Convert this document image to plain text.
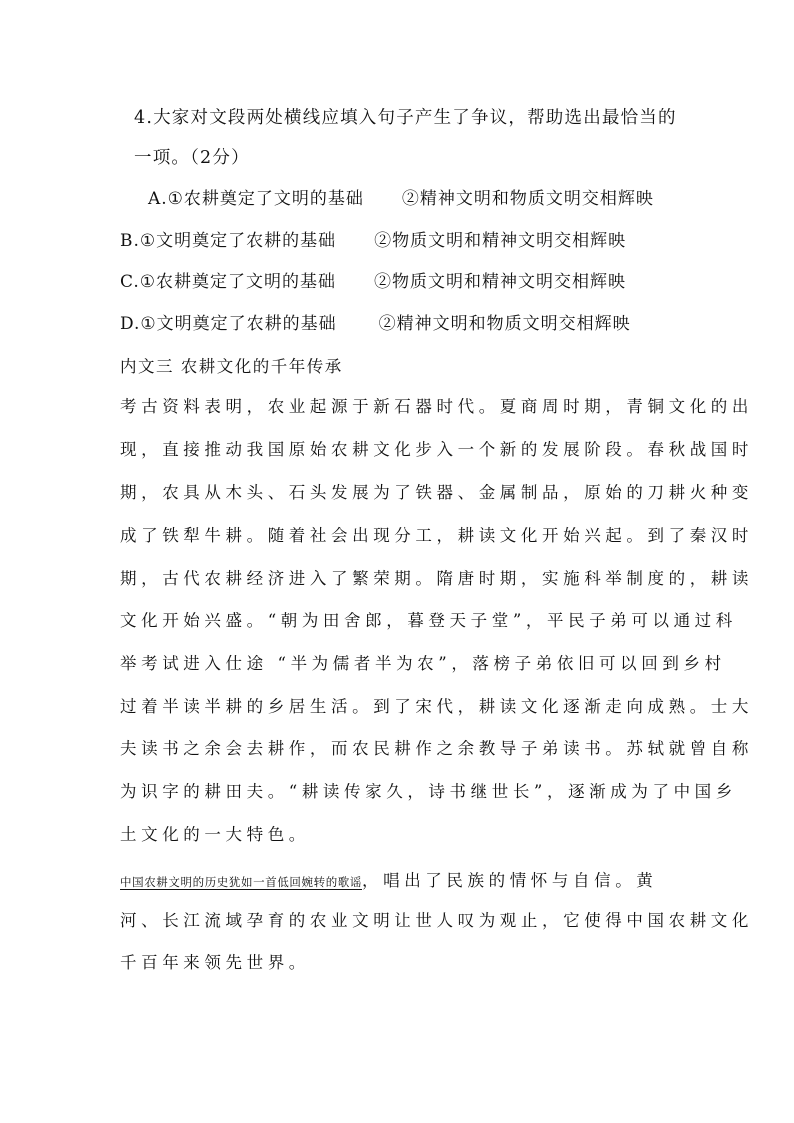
4.大家对文段两处横线应填入句子产生了争议，帮助选出最恰当的
一项。（2分）
A.①农耕奠定了文明的基础 ②精神文明和物质文明交相辉映
B.①文明奠定了农耕的基础 ②物质文明和精神文明交相辉映
C.①农耕奠定了文明的基础 ②物质文明和精神文明交相辉映
D.①文明奠定了农耕的基础 ②精神文明和物质文明交相辉映
内文三 农耕文化的千年传承
考古资料表明，农业起源于新石器时代。夏商周时期，青铜文化的出
现，直接推动我国原始农耕文化步入一个新的发展阶段。春秋战国时
期，农具从木头、石头发展为了铁器、金属制品，原始的刀耕火种变
成了铁犁牛耕。随着社会出现分工，耕读文化开始兴起。到了秦汉时
期，古代农耕经济进入了繁荣期。隋唐时期，实施科举制度的，耕读
文化开始兴盛。“朝为田舍郎，暮登天子堂”，平民子弟可以通过科
举考试进入仕途 “半为儒者半为农”，落榜子弟依旧可以回到乡村
过着半读半耕的乡居生活。到了宋代，耕读文化逐渐走向成熟。士大
夫读书之余会去耕作，而农民耕作之余教导子弟读书。苏轼就曾自称
为识字的耕田夫。“耕读传家久，诗书继世长”，逐渐成为了中国乡
土文化的一大特色。
中国农耕文明的历史犹如一首低回婉转的歌谣，唱出了民族的情怀与自信。黄
河、长江流域孕育的农业文明让世人叹为观止，它使得中国农耕文化
千百年来领先世界。
